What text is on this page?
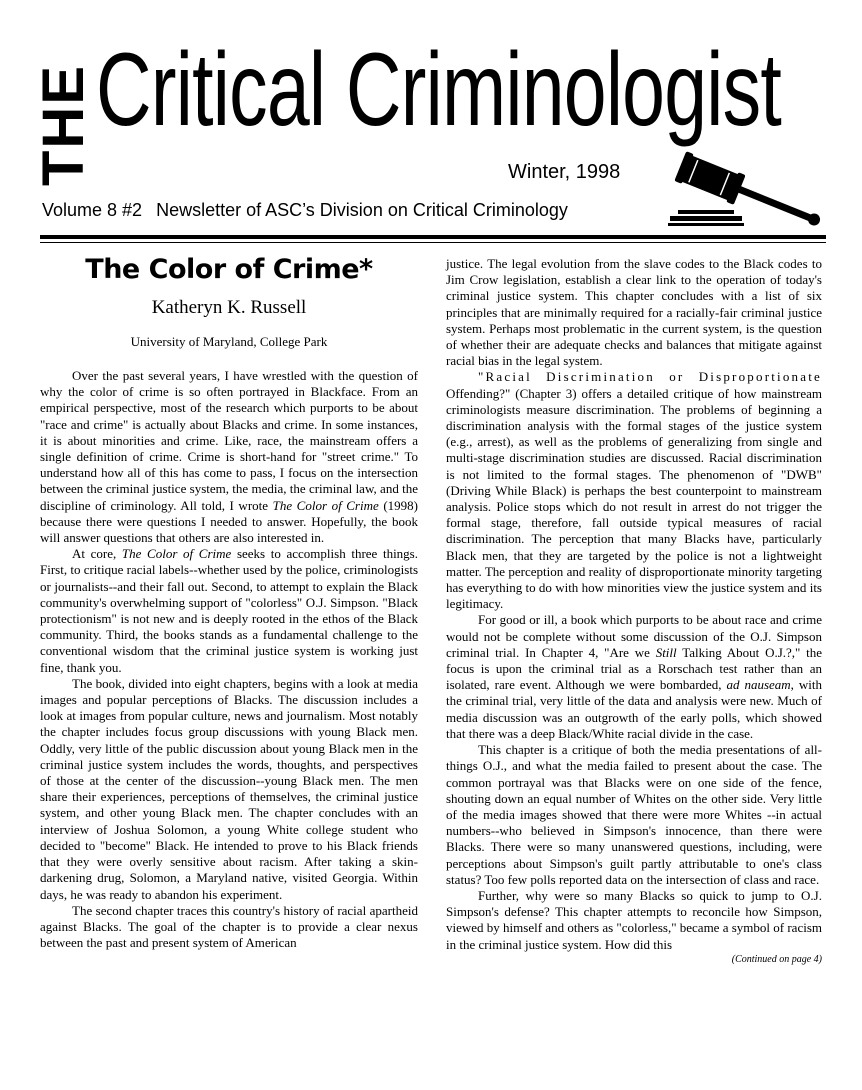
THE Critical Criminologist
Winter, 1998
Volume 8 #2 Newsletter of ASC’s Division on Critical Criminology
The Color of Crime*
Katheryn K. Russell
University of Maryland, College Park

Over the past several years, I have wrestled with the question of why the color of crime is so often portrayed in Blackface. From an empirical perspective, most of the research which purports to be about "race and crime" is actually about Blacks and crime. In some instances, it is about minorities and crime. Like, race, the mainstream offers a single definition of crime. Crime is short-hand for "street crime." To understand how all of this has come to pass, I focus on the intersection between the criminal justice system, the media, the criminal law, and the discipline of criminology. All told, I wrote The Color of Crime (1998) because there were questions I needed to answer. Hopefully, the book will answer questions that others are also interested in.

At core, The Color of Crime seeks to accomplish three things. First, to critique racial labels--whether used by the police, criminologists or journalists--and their fall out. Second, to attempt to explain the Black community's overwhelming support of "colorless" O.J. Simpson. "Black protectionism" is not new and is deeply rooted in the ethos of the Black community. Third, the books stands as a fundamental challenge to the conventional wisdom that the criminal justice system is working just fine, thank you.

The book, divided into eight chapters, begins with a look at media images and popular perceptions of Blacks. The discussion includes a look at images from popular culture, news and journalism. Most notably the chapter includes focus group discussions with young Black men. Oddly, very little of the public discussion about young Black men in the criminal justice system includes the words, thoughts, and perspectives of those at the center of the discussion--young Black men. The men share their experiences, perceptions of themselves, the criminal justice system, and other young Black men. The chapter concludes with an interview of Joshua Solomon, a young White college student who decided to "become" Black. He intended to prove to his Black friends that they were overly sensitive about racism. After taking a skin-darkening drug, Solomon, a Maryland native, visited Georgia. Within days, he was ready to abandon his experiment.

The second chapter traces this country's history of racial apartheid against Blacks. The goal of the chapter is to provide a clear nexus between the past and present system of American

justice. The legal evolution from the slave codes to the Black codes to Jim Crow legislation, establish a clear link to the operation of today's criminal justice system. This chapter concludes with a list of six principles that are minimally required for a racially-fair criminal justice system. Perhaps most problematic in the current system, is the question of whether their are adequate checks and balances that mitigate against racial bias in the legal system.

"Racial Discrimination or Disproportionate Offending?" (Chapter 3) offers a detailed critique of how mainstream criminologists measure discrimination. The problems of beginning a discrimination analysis with the formal stages of the justice system (e.g., arrest), as well as the problems of generalizing from single and multi-stage discrimination studies are discussed. Racial discrimination is not limited to the formal stages. The phenomenon of "DWB" (Driving While Black) is perhaps the best counterpoint to mainstream analysis. Police stops which do not result in arrest do not trigger the formal stage, therefore, fall outside typical measures of racial discrimination. The perception that many Blacks have, particularly Black men, that they are targeted by the police is not a lightweight matter. The perception and reality of disproportionate minority targeting has everything to do with how minorities view the justice system and its legitimacy.

For good or ill, a book which purports to be about race and crime would not be complete without some discussion of the O.J. Simpson criminal trial. In Chapter 4, "Are we Still Talking About O.J.?," the focus is upon the criminal trial as a Rorschach test rather than an isolated, rare event. Although we were bombarded, ad nauseam, with the criminal trial, very little of the data and analysis were new. Much of media discussion was an outgrowth of the early polls, which showed that there was a deep Black/White racial divide in the case.

This chapter is a critique of both the media presentations of all-things O.J., and what the media failed to present about the case. The common portrayal was that Blacks were on one side of the fence, shouting down an equal number of Whites on the other side. Very little of the media images showed that there were more Whites --in actual numbers--who believed in Simpson's innocence, than there were Blacks. There were so many unanswered questions, including, were perceptions about Simpson's guilt partly attributable to one's class status? Too few polls reported data on the intersection of class and race.

Further, why were so many Blacks so quick to jump to O.J. Simpson's defense? This chapter attempts to reconcile how Simpson, viewed by himself and others as "colorless," became a symbol of racism in the criminal justice system. How did this

(Continued on page 4)
